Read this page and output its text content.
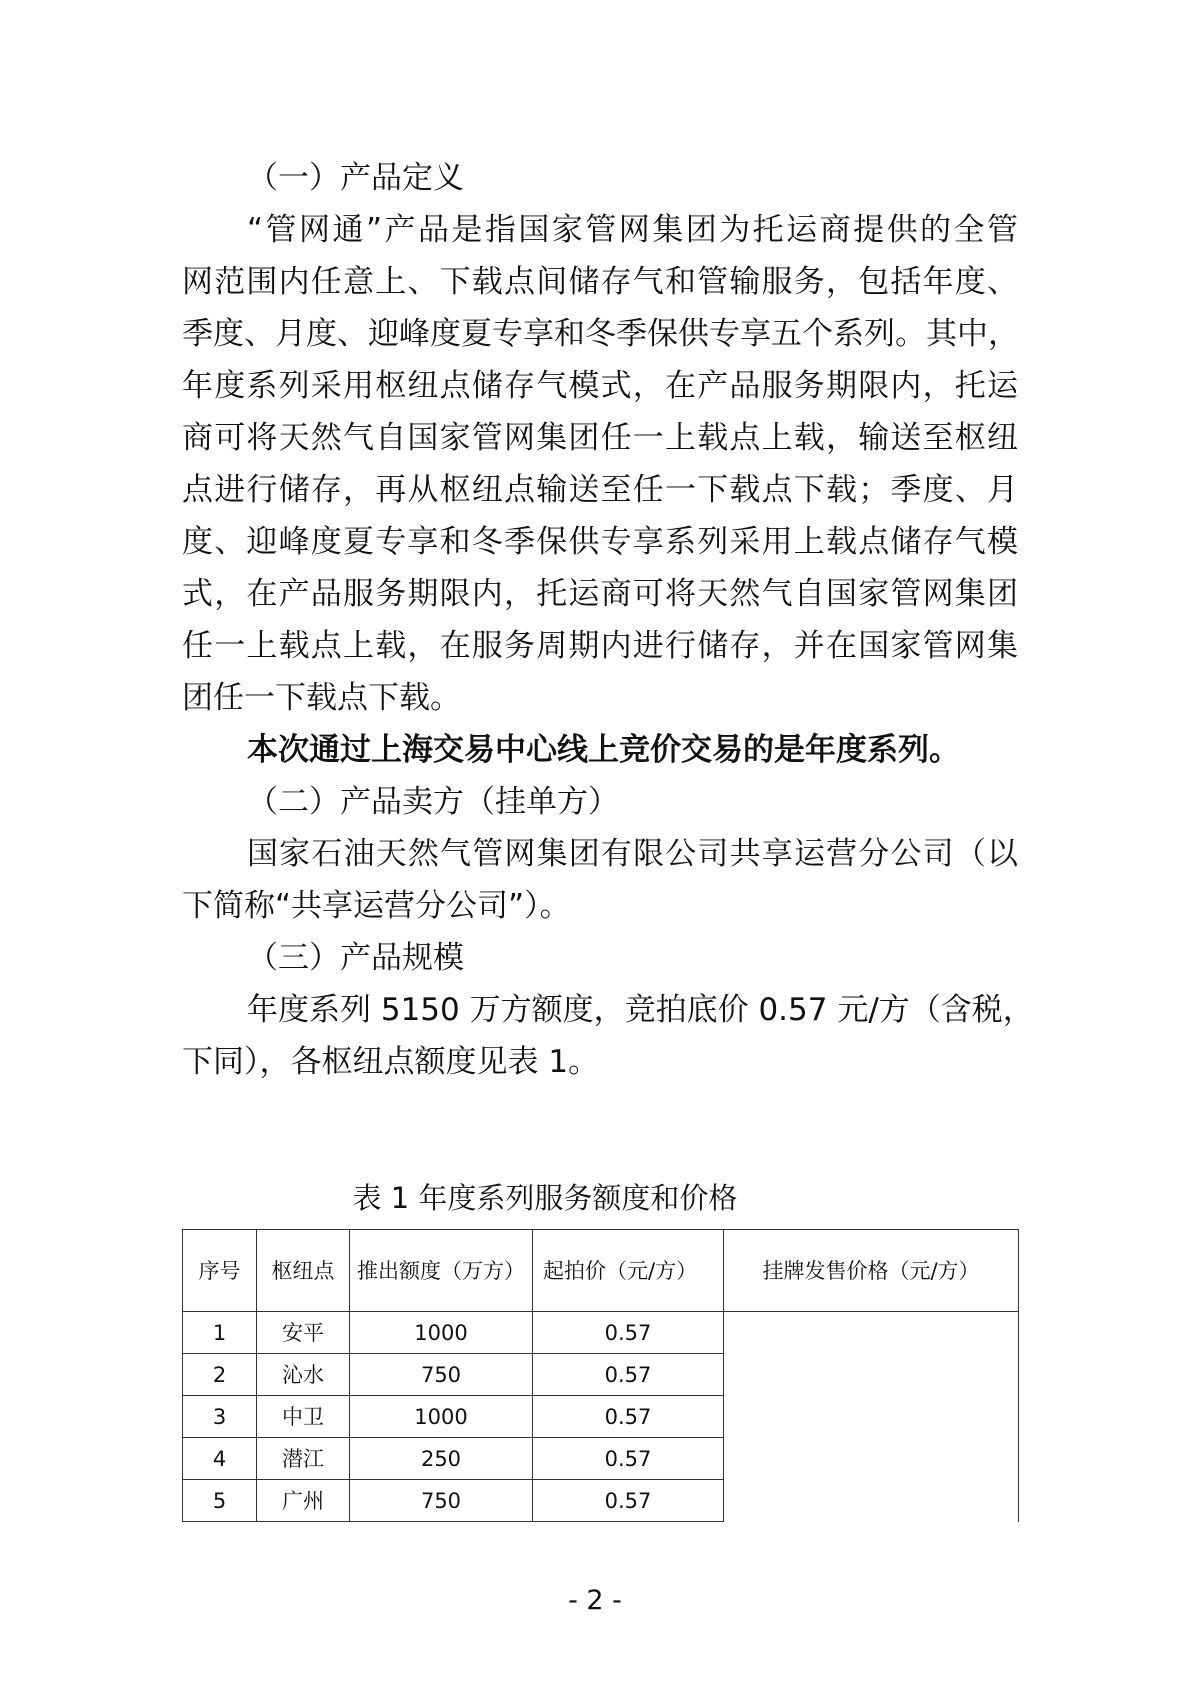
（一）产品定义
“管网通”产品是指国家管网集团为托运商提供的全管
网范围内任意上、下载点间储存气和管输服务，包括年度、
季度、月度、迎峰度夏专享和冬季保供专享五个系列。其中，
年度系列采用枢纽点储存气模式，在产品服务期限内，托运
商可将天然气自国家管网集团任一上载点上载，输送至枢纽
点进行储存，再从枢纽点输送至任一下载点下载；季度、月
度、迎峰度夏专享和冬季保供专享系列采用上载点储存气模
式，在产品服务期限内，托运商可将天然气自国家管网集团
任一上载点上载，在服务周期内进行储存，并在国家管网集
团任一下载点下载。
本次通过上海交易中心线上竞价交易的是年度系列。
（二）产品卖方（挂单方）
国家石油天然气管网集团有限公司共享运营分公司（以
下简称“共享运营分公司”）。
（三）产品规模
年度系列 5150 万方额度，竞拍底价 0.57 元/方（含税，
下同），各枢纽点额度见表 1。
表 1 年度系列服务额度和价格
序号	枢纽点	推出额度（万方）	起拍价（元/方）	挂牌发售价格（元/方）
1	安平	1000	0.57	
2	沁水	750	0.57	
3	中卫	1000	0.57	
4	潜江	250	0.57	
5	广州	750	0.57	
- 2 -
